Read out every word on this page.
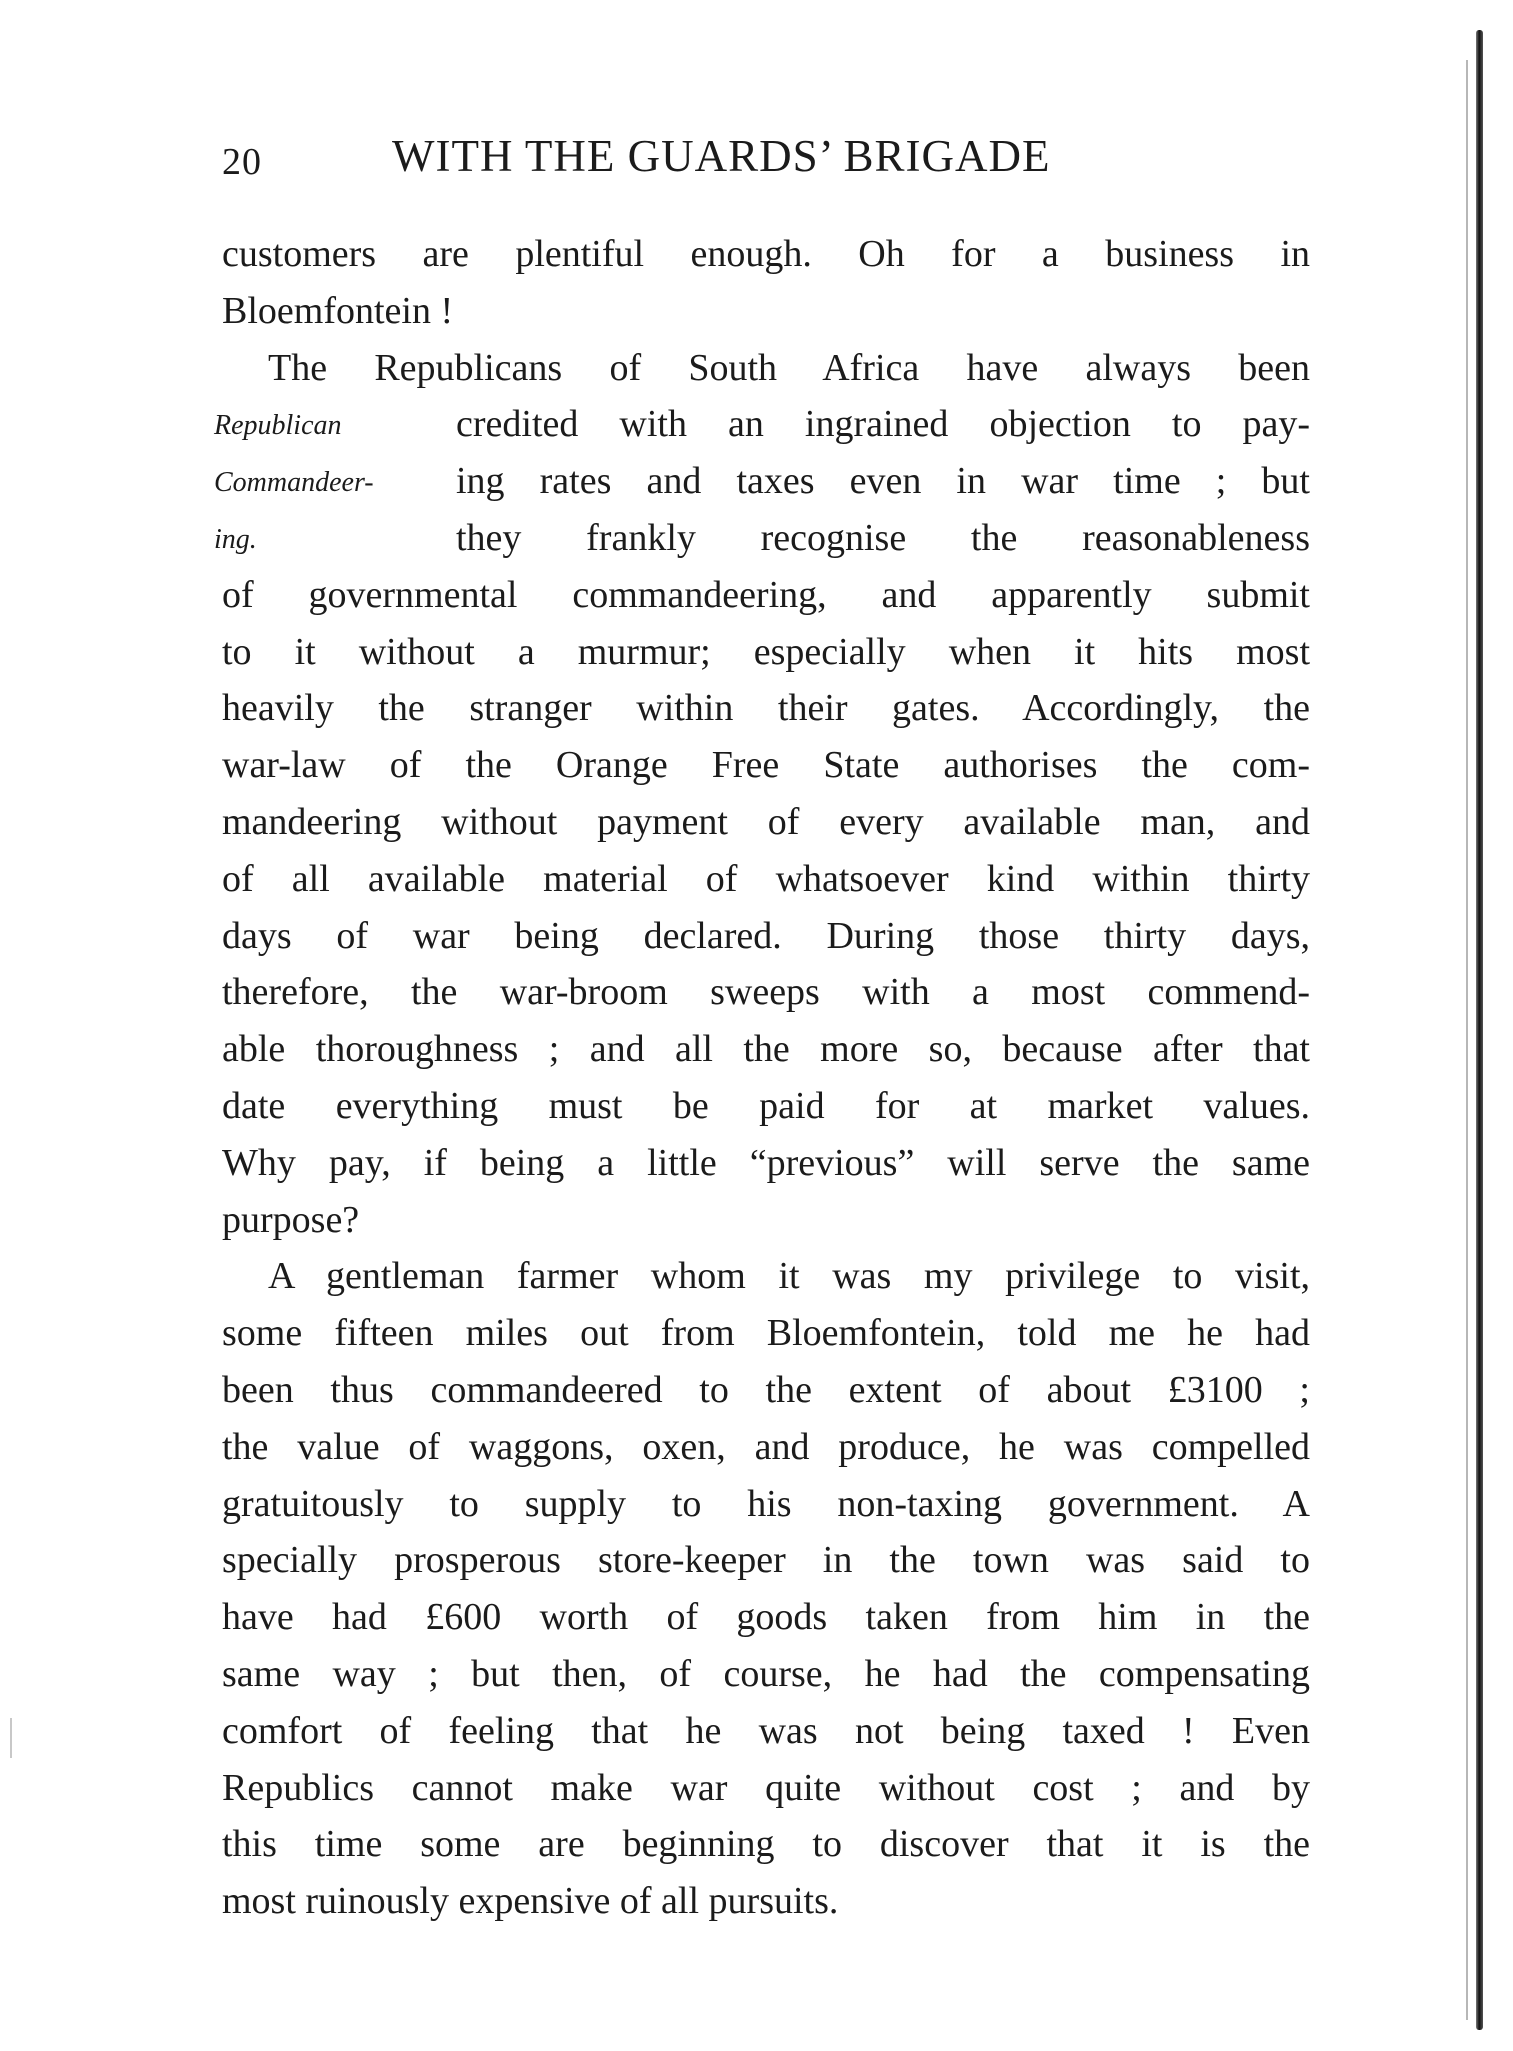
20	WITH THE GUARDS’ BRIGADE
Republican
Commandeer-
ing.
customers are plentiful enough. Oh for a business in
Bloemfontein !
The Republicans of South Africa have always been
credited with an ingrained objection to pay-
ing rates and taxes even in war time ; but
they frankly recognise the reasonableness
of governmental commandeering, and apparently submit
to it without a murmur; especially when it hits most
heavily the stranger within their gates. Accordingly, the
war-law of the Orange Free State authorises the com-
mandeering without payment of every available man, and
of all available material of whatsoever kind within thirty
days of war being declared. During those thirty days,
therefore, the war-broom sweeps with a most commend-
able thoroughness ; and all the more so, because after that
date everything must be paid for at market values.
Why pay, if being a little “previous” will serve the same
purpose?
A gentleman farmer whom it was my privilege to visit,
some fifteen miles out from Bloemfontein, told me he had
been thus commandeered to the extent of about £3100 ;
the value of waggons, oxen, and produce, he was compelled
gratuitously to supply to his non-taxing government. A
specially prosperous store-keeper in the town was said to
have had £600 worth of goods taken from him in the
same way ; but then, of course, he had the compensating
comfort of feeling that he was not being taxed ! Even
Republics cannot make war quite without cost ; and by
this time some are beginning to discover that it is the
most ruinously expensive of all pursuits.
